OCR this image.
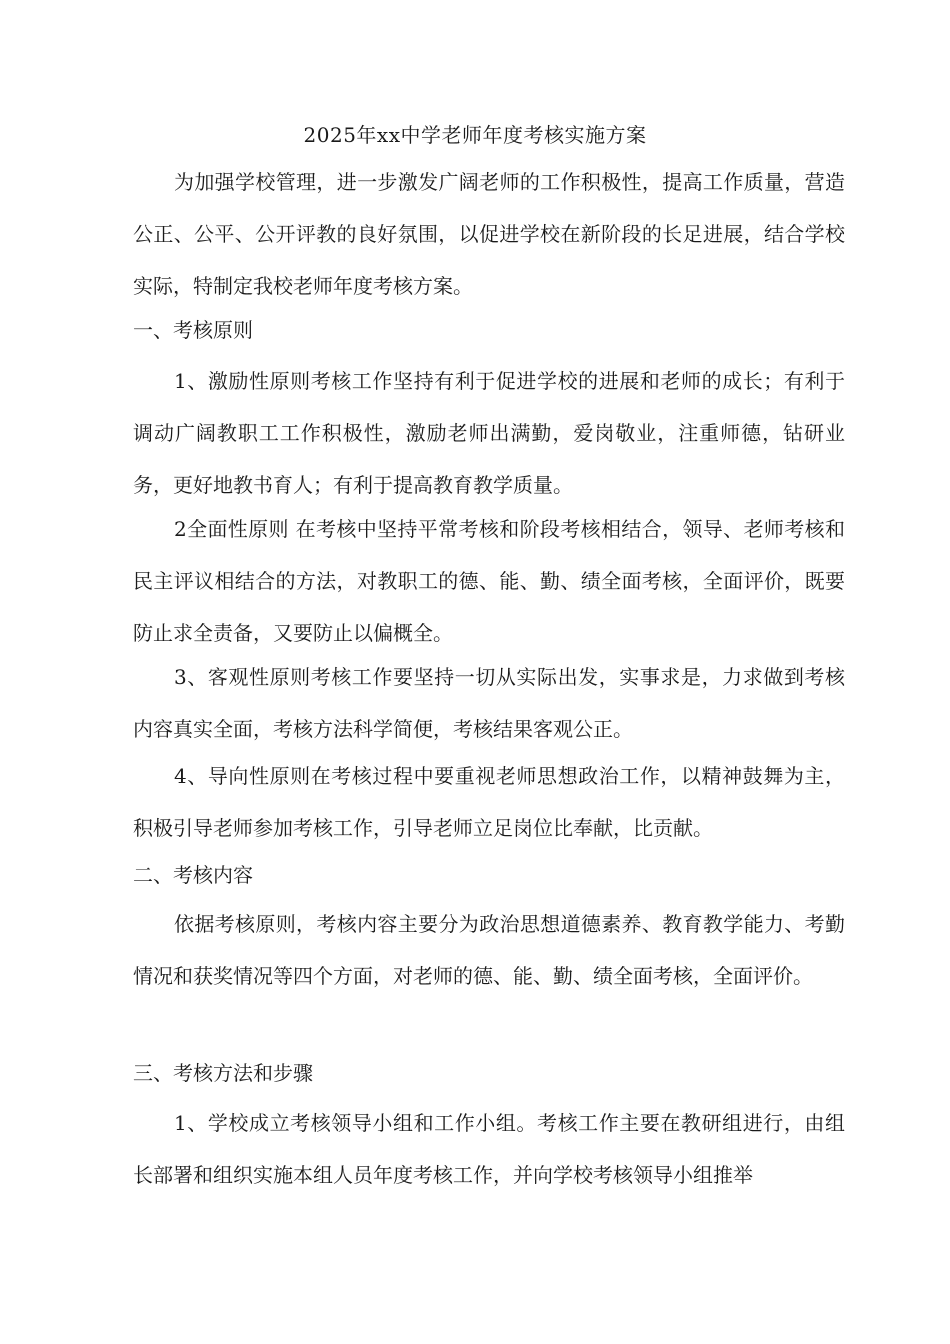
2025年xx中学老师年度考核实施方案

为加强学校管理，进一步激发广阔老师的工作积极性，提高工作质量，营造公正、公平、公开评教的良好氛围，以促进学校在新阶段的长足进展，结合学校实际，特制定我校老师年度考核方案。

一、考核原则

1、激励性原则考核工作坚持有利于促进学校的进展和老师的成长；有利于调动广阔教职工工作积极性，激励老师出满勤，爱岗敬业，注重师德，钻研业务，更好地教书育人；有利于提高教育教学质量。

2全面性原则 在考核中坚持平常考核和阶段考核相结合，领导、老师考核和民主评议相结合的方法，对教职工的德、能、勤、绩全面考核，全面评价，既要防止求全责备，又要防止以偏概全。

3、客观性原则考核工作要坚持一切从实际出发，实事求是，力求做到考核内容真实全面，考核方法科学简便，考核结果客观公正。

4、导向性原则在考核过程中要重视老师思想政治工作，以精神鼓舞为主，积极引导老师参加考核工作，引导老师立足岗位比奉献，比贡献。

二、考核内容

依据考核原则，考核内容主要分为政治思想道德素养、教育教学能力、考勤情况和获奖情况等四个方面，对老师的德、能、勤、绩全面考核，全面评价。

三、考核方法和步骤

1、学校成立考核领导小组和工作小组。考核工作主要在教研组进行，由组长部署和组织实施本组人员年度考核工作，并向学校考核领导小组推举
